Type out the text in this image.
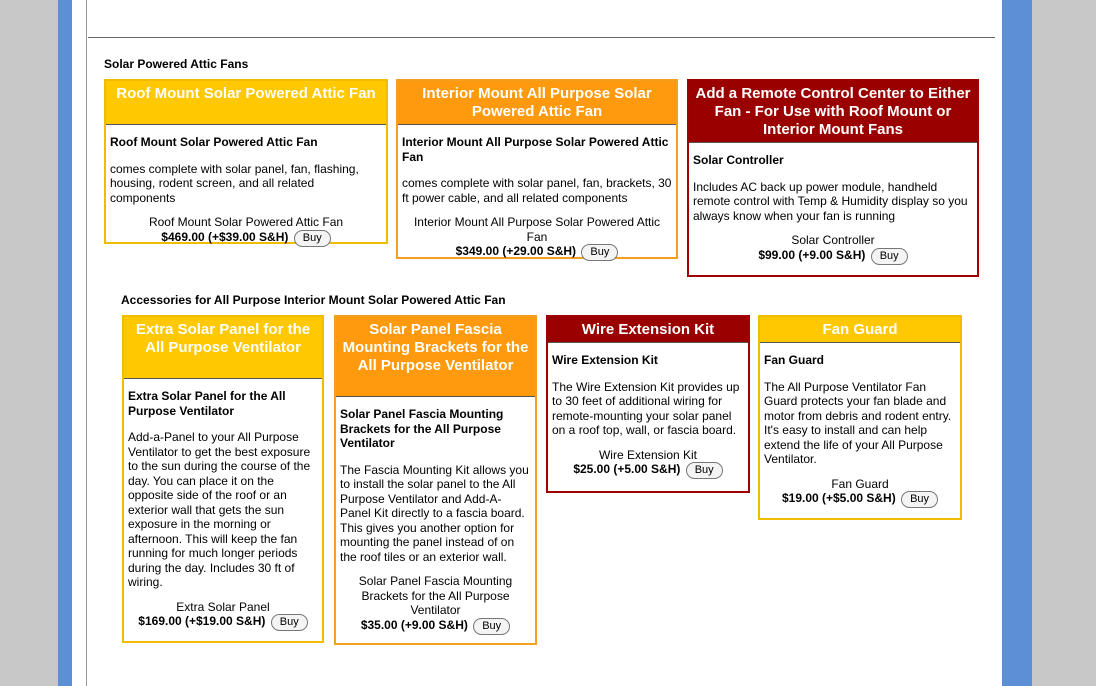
Solar Powered Attic Fans
Roof Mount Solar Powered Attic Fan
Roof Mount Solar Powered Attic Fan
comes complete with solar panel, fan, flashing, housing, rodent screen, and all related components
Roof Mount Solar Powered Attic Fan
$469.00 (+$39.00 S&H) Buy
Interior Mount All Purpose Solar Powered Attic Fan
Interior Mount All Purpose Solar Powered Attic Fan
comes complete with solar panel, fan, brackets, 30 ft power cable, and all related components
Interior Mount All Purpose Solar Powered Attic Fan
$349.00 (+29.00 S&H) Buy
Add a Remote Control Center to Either Fan - For Use with Roof Mount or Interior Mount Fans
Solar Controller
Includes AC back up power module, handheld remote control with Temp & Humidity display so you always know when your fan is running
Solar Controller
$99.00 (+9.00 S&H) Buy
Accessories for All Purpose Interior Mount Solar Powered Attic Fan
Extra Solar Panel for the All Purpose Ventilator
Extra Solar Panel for the All Purpose Ventilator
Add-a-Panel to your All Purpose Ventilator to get the best exposure to the sun during the course of the day. You can place it on the opposite side of the roof or an exterior wall that gets the sun exposure in the morning or afternoon. This will keep the fan running for much longer periods during the day. Includes 30 ft of wiring.
Extra Solar Panel
$169.00 (+$19.00 S&H) Buy
Solar Panel Fascia Mounting Brackets for the All Purpose Ventilator
Solar Panel Fascia Mounting Brackets for the All Purpose Ventilator
The Fascia Mounting Kit allows you to install the solar panel to the All Purpose Ventilator and Add-A-Panel Kit directly to a fascia board. This gives you another option for mounting the panel instead of on the roof tiles or an exterior wall.
Solar Panel Fascia Mounting Brackets for the All Purpose Ventilator
$35.00 (+9.00 S&H) Buy
Wire Extension Kit
Wire Extension Kit
The Wire Extension Kit provides up to 30 feet of additional wiring for remote-mounting your solar panel on a roof top, wall, or fascia board.
Wire Extension Kit
$25.00 (+5.00 S&H) Buy
Fan Guard
Fan Guard
The All Purpose Ventilator Fan Guard protects your fan blade and motor from debris and rodent entry. It's easy to install and can help extend the life of your All Purpose Ventilator.
Fan Guard
$19.00 (+$5.00 S&H) Buy
